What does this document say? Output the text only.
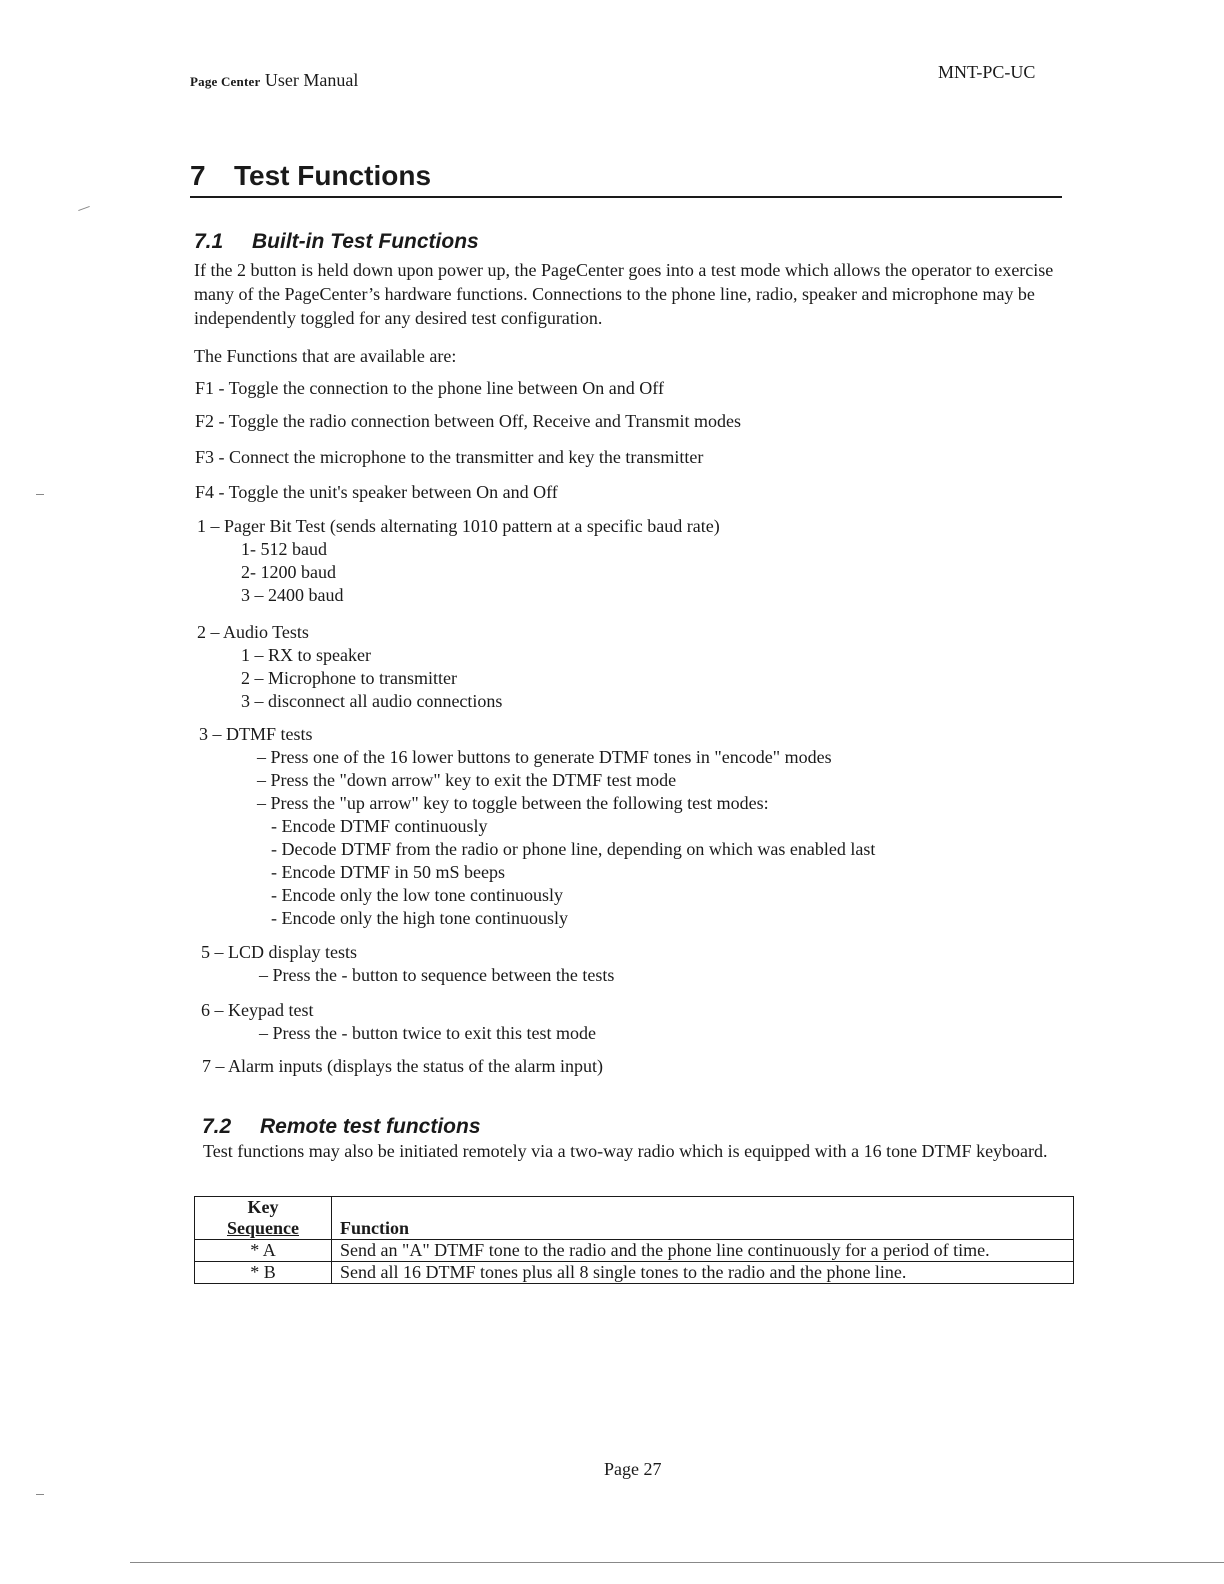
Page Center User Manual	MNT-PC-UC
7 Test Functions
7.1 Built-in Test Functions
If the 2 button is held down upon power up, the PageCenter goes into a test mode which allows the operator to exercise many of the PageCenter’s hardware functions. Connections to the phone line, radio, speaker and microphone may be independently toggled for any desired test configuration.
The Functions that are available are:
F1 - Toggle the connection to the phone line between On and Off
F2 - Toggle the radio connection between Off, Receive and Transmit modes
F3 - Connect the microphone to the transmitter and key the transmitter
F4 - Toggle the unit's speaker between On and Off
1 – Pager Bit Test (sends alternating 1010 pattern at a specific baud rate)
1- 512 baud
2- 1200 baud
3 – 2400 baud
2 – Audio Tests
1 – RX to speaker
2 – Microphone to transmitter
3 – disconnect all audio connections
3 – DTMF tests
– Press one of the 16 lower buttons to generate DTMF tones in "encode" modes
– Press the "down arrow" key to exit the DTMF test mode
– Press the "up arrow" key to toggle between the following test modes:
- Encode DTMF continuously
- Decode DTMF from the radio or phone line, depending on which was enabled last
- Encode DTMF in 50 mS beeps
- Encode only the low tone continuously
- Encode only the high tone continuously
5 – LCD display tests
– Press the - button to sequence between the tests
6 – Keypad test
– Press the - button twice to exit this test mode
7 – Alarm inputs (displays the status of the alarm input)
7.2 Remote test functions
Test functions may also be initiated remotely via a two-way radio which is equipped with a 16 tone DTMF keyboard.
Key
Sequence	Function
* A	Send an "A" DTMF tone to the radio and the phone line continuously for a period of time.
* B	Send all 16 DTMF tones plus all 8 single tones to the radio and the phone line.
Page 27
